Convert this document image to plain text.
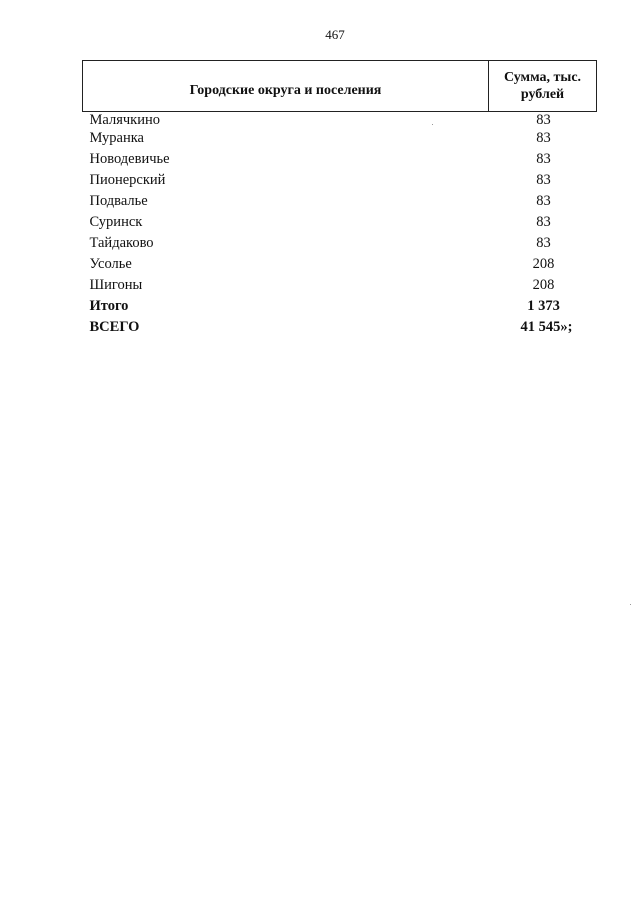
467
Городские округа и поселения	Сумма, тыс.
рублей
Малячкино	83
Муранка	83
Новодевичье	83
Пионерский	83
Подвалье	83
Суринск	83
Тайдаково	83
Усолье	208
Шигоны	208
Итого	1 373
ВСЕГО	41 545»;
